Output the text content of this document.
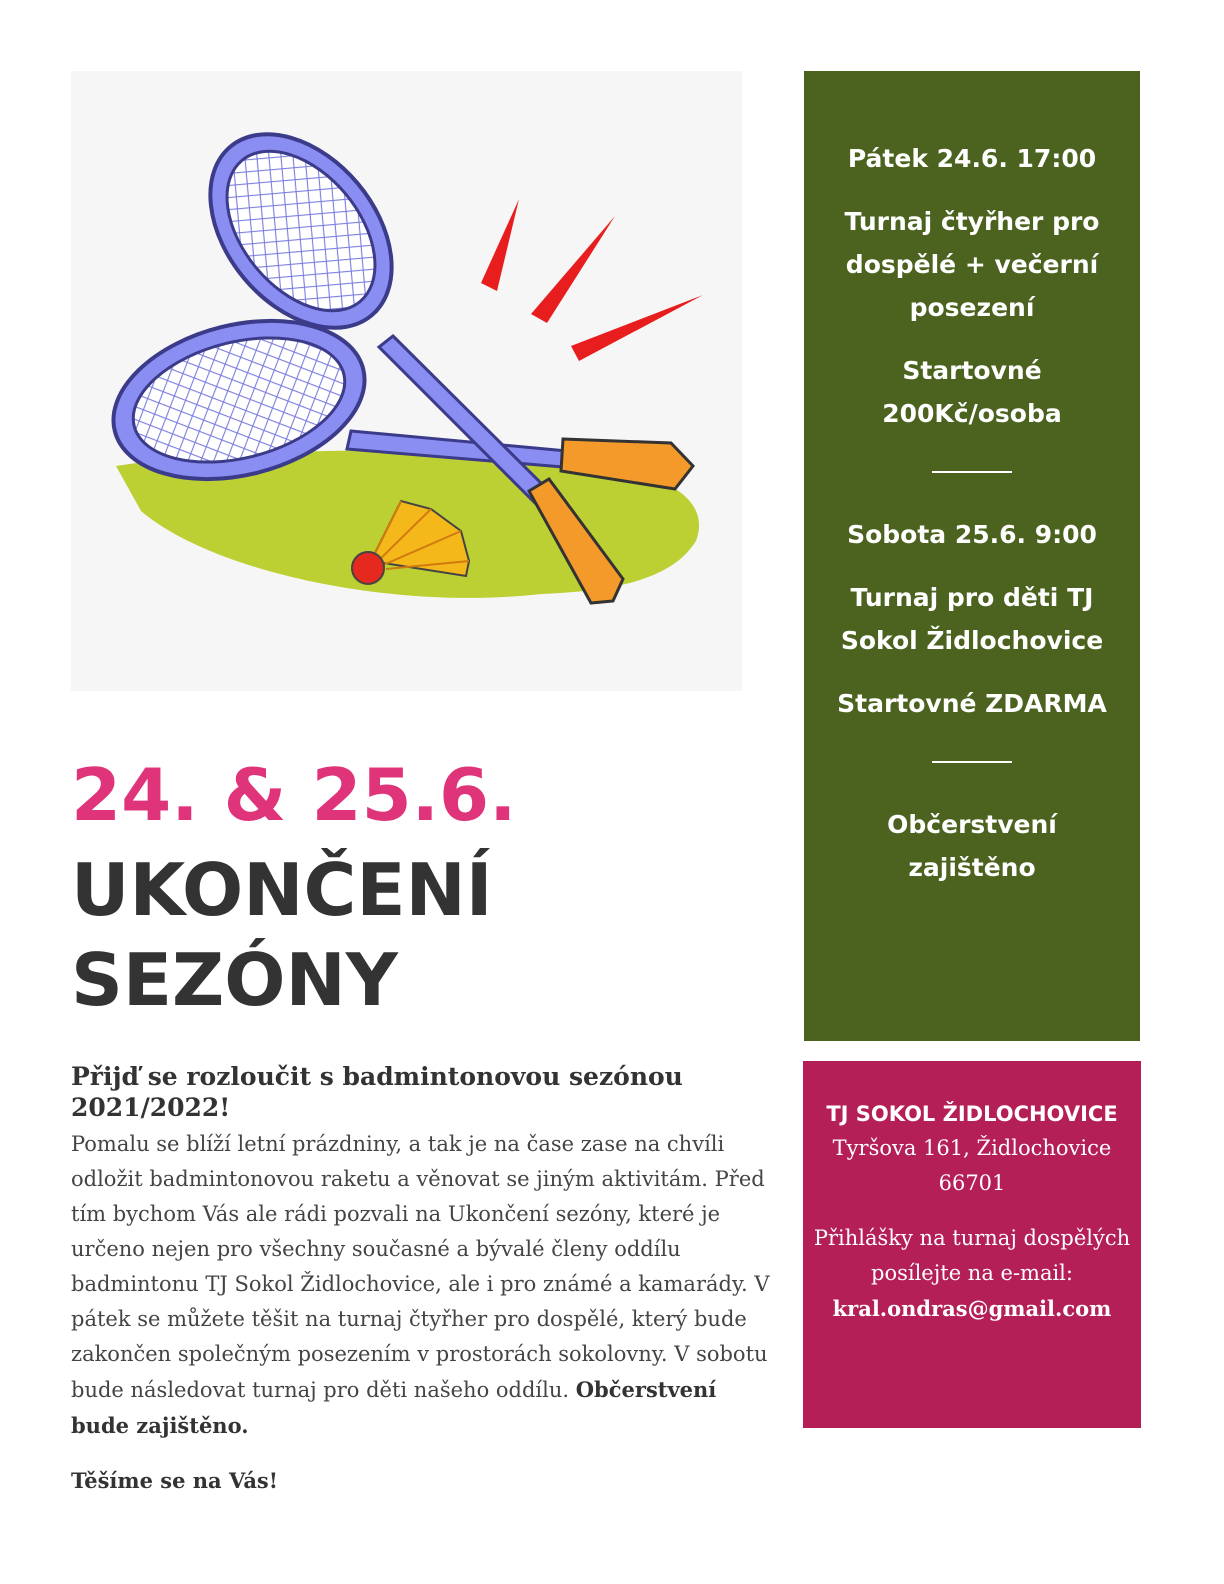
24. & 25.6.
UKONČENÍ
SEZÓNY
Přijď se rozloučit s badmintonovou sezónou 2021/2022!

Pomalu se blíží letní prázdniny, a tak je na čase zase na chvíli odložit badmintonovou raketu a věnovat se jiným aktivitám. Před tím bychom Vás ale rádi pozvali na Ukončení sezóny, které je určeno nejen pro všechny současné a bývalé členy oddílu badmintonu TJ Sokol Židlochovice, ale i pro známé a kamarády. V pátek se můžete těšit na turnaj čtyřher pro dospělé, který bude zakončen společným posezením v prostorách sokolovny. V sobotu bude následovat turnaj pro děti našeho oddílu. Občerstvení bude zajištěno.

Těšíme se na Vás!
Pátek 24.6. 17:00
Turnaj čtyřher pro dospělé + večerní posezení
Startovné 200Kč/osoba
Sobota 25.6. 9:00
Turnaj pro děti TJ Sokol Židlochovice
Startovné ZDARMA
Občerstvení zajištěno
TJ SOKOL ŽIDLOCHOVICE
Tyršova 161, Židlochovice 66701
Přihlášky na turnaj dospělých posílejte na e-mail:
kral.ondras@gmail.com
